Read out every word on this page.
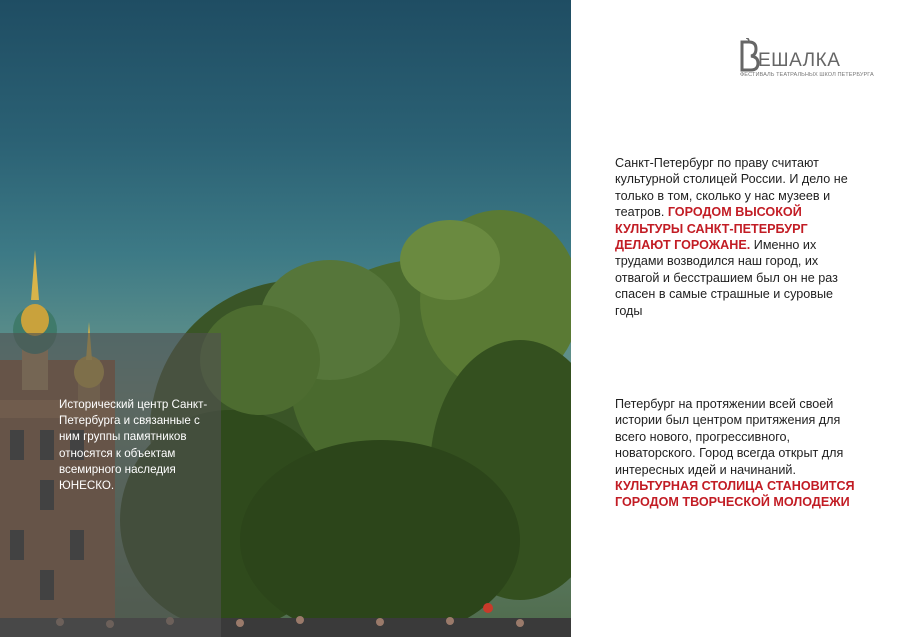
Исторический центр Санкт-Петербурга и связанные с ним группы памятников относятся к объектам всемирного наследия ЮНЕСКО.
ЕШАЛКА
ФЕСТИВАЛЬ ТЕАТРАЛЬНЫХ ШКОЛ ПЕТЕРБУРГА
Санкт-Петербург по праву считают культурной столицей России. И дело не только в том, сколько у нас музеев и театров. ГОРОДОМ ВЫСОКОЙ КУЛЬТУРЫ САНКТ-ПЕТЕРБУРГ ДЕЛАЮТ ГОРОЖАНЕ. Именно их трудами возводился наш город, их отвагой и бесстрашием был он не раз спасен в самые страшные и суровые годы
Петербург на протяжении всей своей истории был центром притяжения для всего нового, прогрессивного, новаторского. Город всегда открыт для интересных идей и начинаний. КУЛЬТУРНАЯ СТОЛИЦА СТАНОВИТСЯ ГОРОДОМ ТВОРЧЕСКОЙ МОЛОДЕЖИ
